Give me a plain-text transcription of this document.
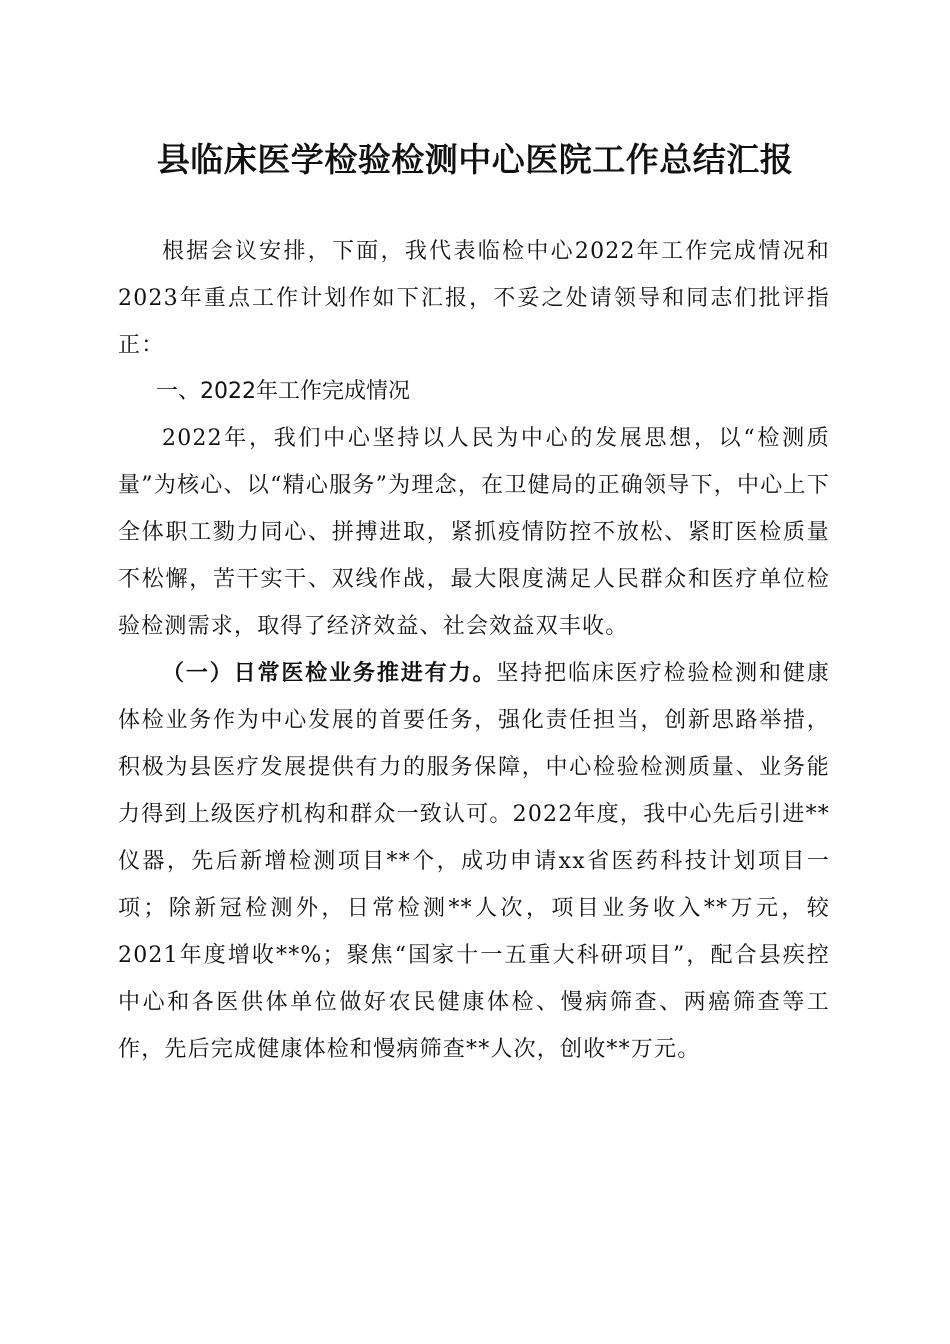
县临床医学检验检测中心医院工作总结汇报

根据会议安排，下面，我代表临检中心2022年工作完成情况和2023年重点工作计划作如下汇报，不妥之处请领导和同志们批评指正：

一、2022年工作完成情况

2022年，我们中心坚持以人民为中心的发展思想，以“检测质量”为核心、以“精心服务”为理念，在卫健局的正确领导下，中心上下全体职工勠力同心、拼搏进取，紧抓疫情防控不放松、紧盯医检质量不松懈，苦干实干、双线作战，最大限度满足人民群众和医疗单位检验检测需求，取得了经济效益、社会效益双丰收。

（一）日常医检业务推进有力。坚持把临床医疗检验检测和健康体检业务作为中心发展的首要任务，强化责任担当，创新思路举措，积极为县医疗发展提供有力的服务保障，中心检验检测质量、业务能力得到上级医疗机构和群众一致认可。2022年度，我中心先后引进**仪器，先后新增检测项目**个，成功申请xx省医药科技计划项目一项；除新冠检测外，日常检测**人次，项目业务收入**万元，较2021年度增收**%；聚焦“国家十一五重大科研项目”，配合县疾控中心和各医供体单位做好农民健康体检、慢病筛查、两癌筛查等工作，先后完成健康体检和慢病筛查**人次，创收**万元。
